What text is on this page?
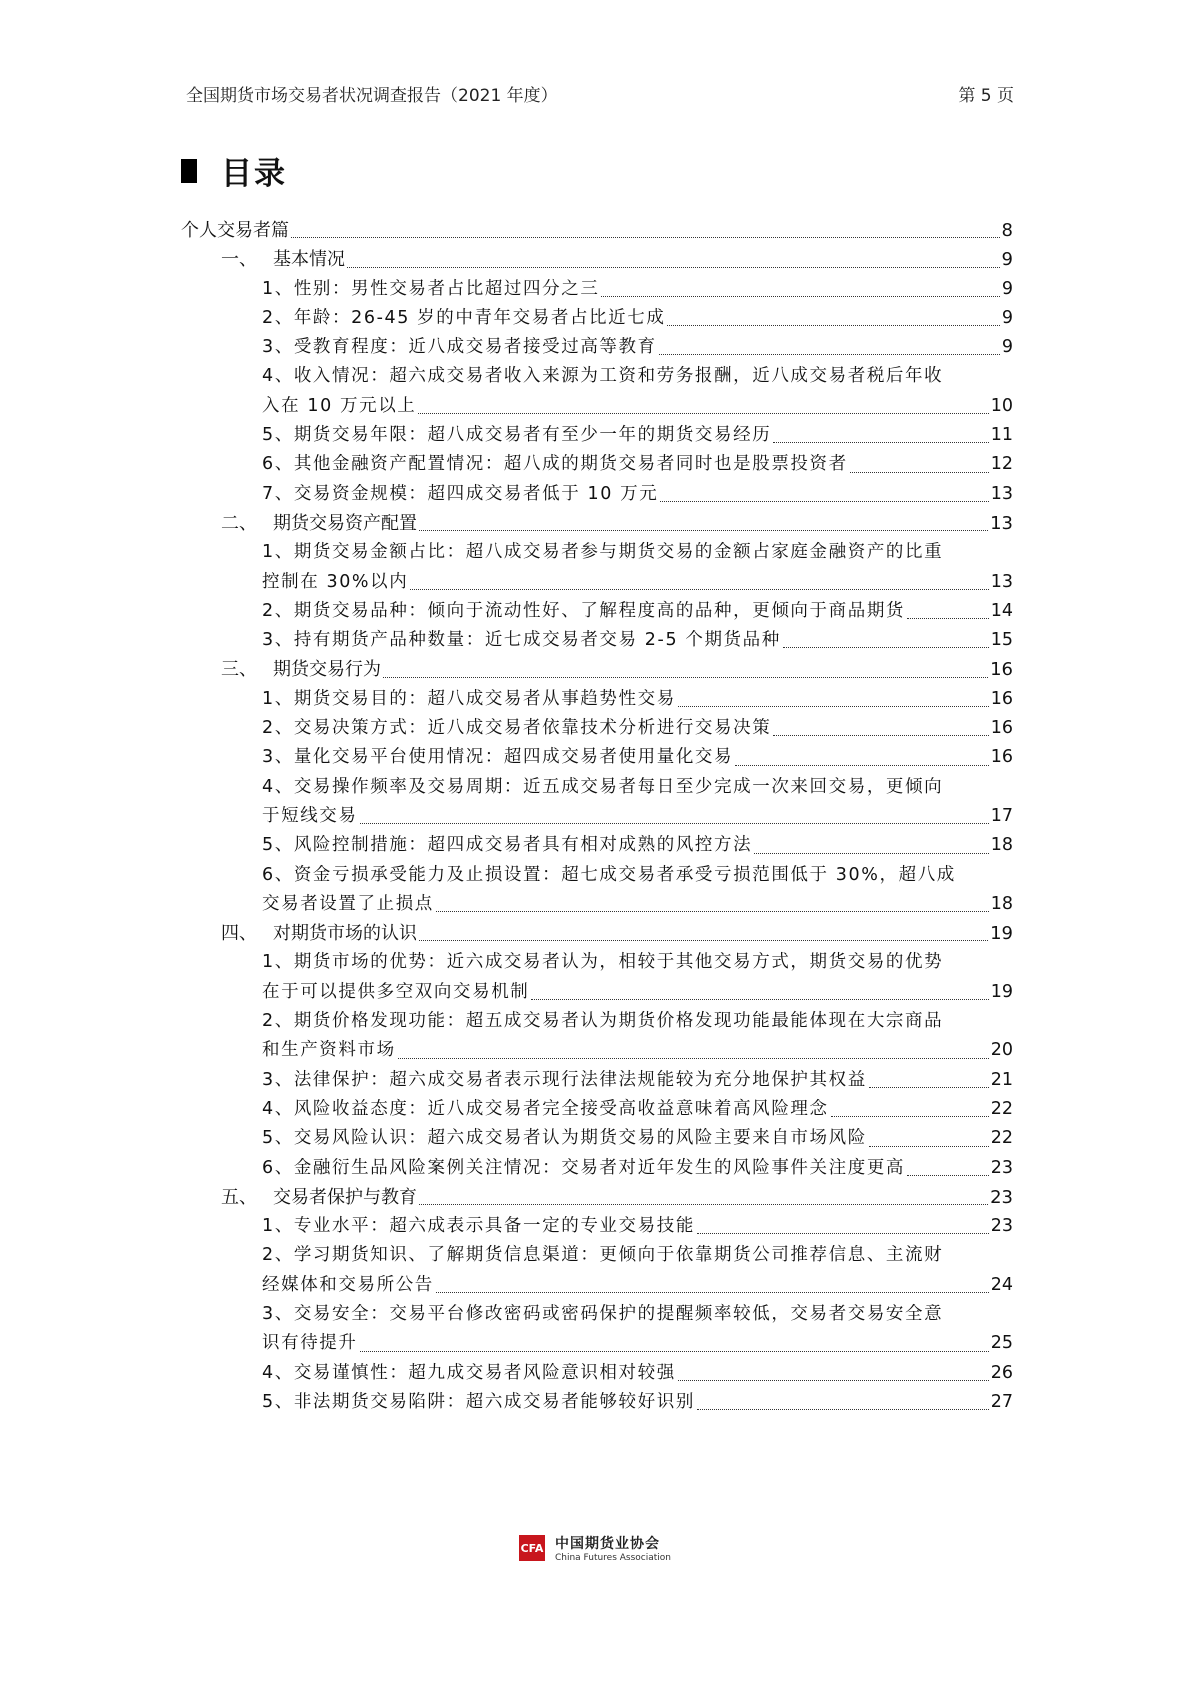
全国期货市场交易者状况调查报告（2021 年度）	第 5 页
目录
个人交易者篇	8
一、 基本情况	9
1、性别：男性交易者占比超过四分之三	9
2、年龄：26-45 岁的中青年交易者占比近七成	9
3、受教育程度：近八成交易者接受过高等教育	9
4、收入情况：超六成交易者收入来源为工资和劳务报酬，近八成交易者税后年收
入在 10 万元以上	10
5、期货交易年限：超八成交易者有至少一年的期货交易经历	11
6、其他金融资产配置情况：超八成的期货交易者同时也是股票投资者	12
7、交易资金规模：超四成交易者低于 10 万元	13
二、 期货交易资产配置	13
1、期货交易金额占比：超八成交易者参与期货交易的金额占家庭金融资产的比重
控制在 30%以内	13
2、期货交易品种：倾向于流动性好、了解程度高的品种，更倾向于商品期货	14
3、持有期货产品种数量：近七成交易者交易 2-5 个期货品种	15
三、 期货交易行为	16
1、期货交易目的：超八成交易者从事趋势性交易	16
2、交易决策方式：近八成交易者依靠技术分析进行交易决策	16
3、量化交易平台使用情况：超四成交易者使用量化交易	16
4、交易操作频率及交易周期：近五成交易者每日至少完成一次来回交易，更倾向
于短线交易	17
5、风险控制措施：超四成交易者具有相对成熟的风控方法	18
6、资金亏损承受能力及止损设置：超七成交易者承受亏损范围低于 30%，超八成
交易者设置了止损点	18
四、 对期货市场的认识	19
1、期货市场的优势：近六成交易者认为，相较于其他交易方式，期货交易的优势
在于可以提供多空双向交易机制	19
2、期货价格发现功能：超五成交易者认为期货价格发现功能最能体现在大宗商品
和生产资料市场	20
3、法律保护：超六成交易者表示现行法律法规能较为充分地保护其权益	21
4、风险收益态度：近八成交易者完全接受高收益意味着高风险理念	22
5、交易风险认识：超六成交易者认为期货交易的风险主要来自市场风险	22
6、金融衍生品风险案例关注情况：交易者对近年发生的风险事件关注度更高	23
五、 交易者保护与教育	23
1、专业水平：超六成表示具备一定的专业交易技能	23
2、学习期货知识、了解期货信息渠道：更倾向于依靠期货公司推荐信息、主流财
经媒体和交易所公告	24
3、交易安全：交易平台修改密码或密码保护的提醒频率较低，交易者交易安全意
识有待提升	25
4、交易谨慎性：超九成交易者风险意识相对较强	26
5、非法期货交易陷阱：超六成交易者能够较好识别	27
CFA 中国期货业协会
China Futures Association
